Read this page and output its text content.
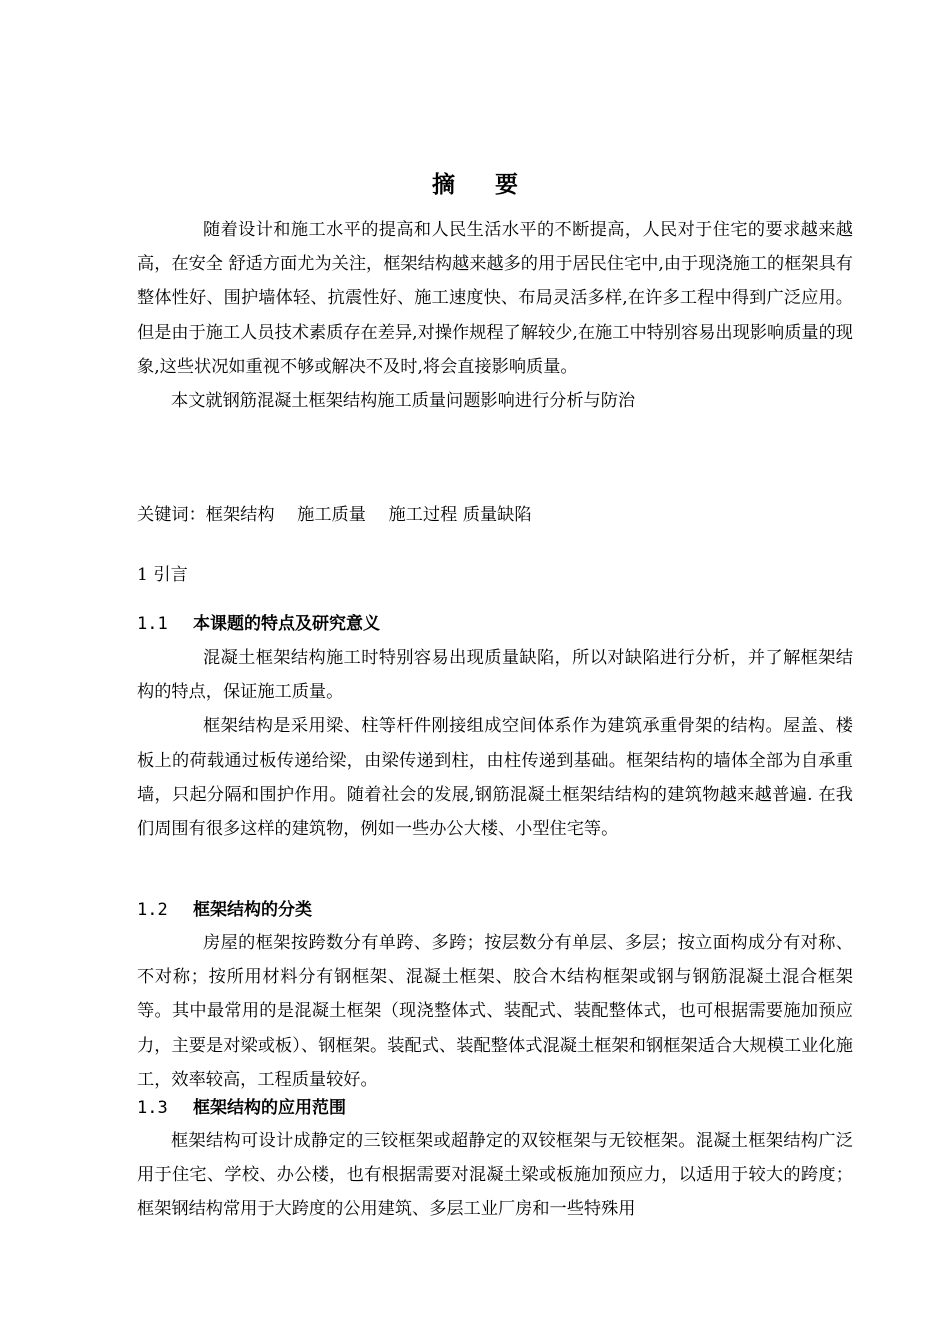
摘 要

随着设计和施工水平的提高和人民生活水平的不断提高，人民对于住宅的要求越来越高，在安全 舒适方面尤为关注，框架结构越来越多的用于居民住宅中,由于现浇施工的框架具有整体性好、围护墙体轻、抗震性好、施工速度快、布局灵活多样,在许多工程中得到广泛应用。但是由于施工人员技术素质存在差异,对操作规程了解较少,在施工中特别容易出现影响质量的现象,这些状况如重视不够或解决不及时,将会直接影响质量。

本文就钢筋混凝土框架结构施工质量问题影响进行分析与防治

关键词：框架结构　 施工质量　 施工过程 质量缺陷
1 引言
1.1 本课题的特点及研究意义

混凝土框架结构施工时特别容易出现质量缺陷，所以对缺陷进行分析，并了解框架结构的特点，保证施工质量。

框架结构是采用梁、柱等杆件刚接组成空间体系作为建筑承重骨架的结构。屋盖、楼板上的荷载通过板传递给梁，由梁传递到柱，由柱传递到基础。框架结构的墙体全部为自承重墙，只起分隔和围护作用。随着社会的发展,钢筋混凝土框架结结构的建筑物越来越普遍. 在我们周围有很多这样的建筑物，例如一些办公大楼、小型住宅等。

1.2 框架结构的分类

房屋的框架按跨数分有单跨、多跨；按层数分有单层、多层；按立面构成分有对称、不对称；按所用材料分有钢框架、混凝土框架、胶合木结构框架或钢与钢筋混凝土混合框架等。其中最常用的是混凝土框架（现浇整体式、装配式、装配整体式，也可根据需要施加预应力，主要是对梁或板）、钢框架。装配式、装配整体式混凝土框架和钢框架适合大规模工业化施工，效率较高，工程质量较好。

1.3 框架结构的应用范围

框架结构可设计成静定的三铰框架或超静定的双铰框架与无铰框架。混凝土框架结构广泛用于住宅、学校、办公楼，也有根据需要对混凝土梁或板施加预应力，以适用于较大的跨度；框架钢结构常用于大跨度的公用建筑、多层工业厂房和一些特殊用
